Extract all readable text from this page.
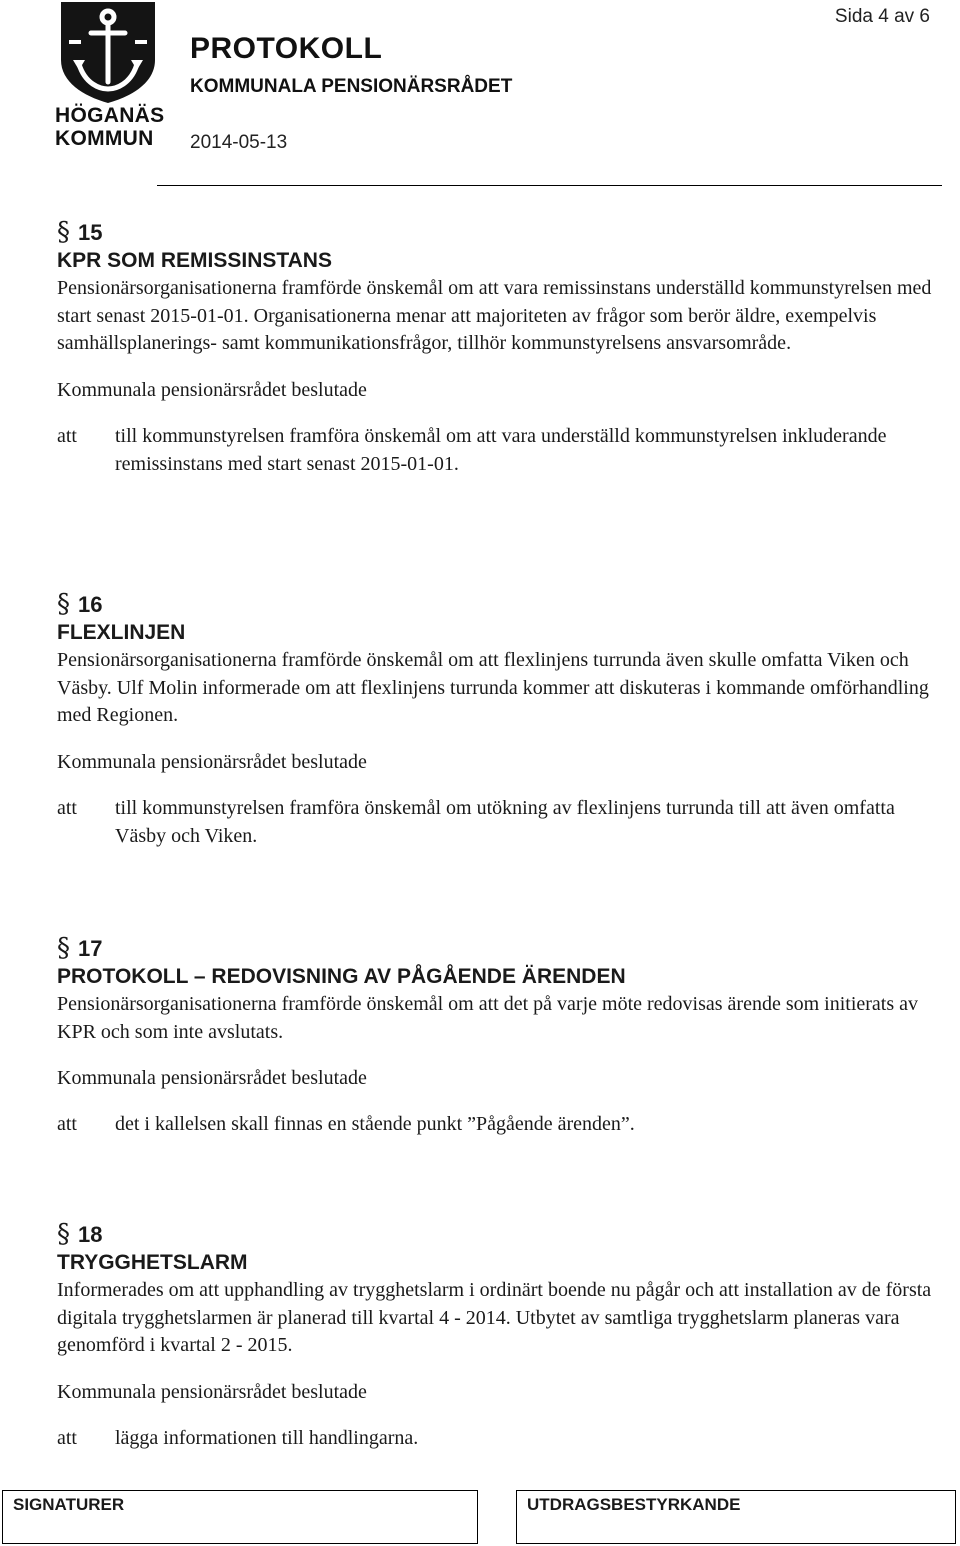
HÖGANÄS
KOMMUN
Sida 4 av 6
PROTOKOLL
KOMMUNALA PENSIONÄRSRÅDET
2014-05-13
§ 15
KPR SOM REMISSINSTANS
Pensionärsorganisationerna framförde önskemål om att vara remissinstans underställd kommunstyrelsen med start senast 2015-01-01. Organisationerna menar att majoriteten av frågor som berör äldre, exempelvis samhällsplanerings- samt kommunikationsfrågor, tillhör kommunstyrelsens ansvarsområde.
Kommunala pensionärsrådet beslutade
att till kommunstyrelsen framföra önskemål om att vara underställd kommunstyrelsen inkluderande remissinstans med start senast 2015-01-01.
§ 16
FLEXLINJEN
Pensionärsorganisationerna framförde önskemål om att flexlinjens turrunda även skulle omfatta Viken och Väsby. Ulf Molin informerade om att flexlinjens turrunda kommer att diskuteras i kommande omförhandling med Regionen.
Kommunala pensionärsrådet beslutade
att till kommunstyrelsen framföra önskemål om utökning av flexlinjens turrunda till att även omfatta Väsby och Viken.
§ 17
PROTOKOLL – REDOVISNING AV PÅGÅENDE ÄRENDEN
Pensionärsorganisationerna framförde önskemål om att det på varje möte redovisas ärende som initierats av KPR och som inte avslutats.
Kommunala pensionärsrådet beslutade
att det i kallelsen skall finnas en stående punkt ”Pågående ärenden”.
§ 18
TRYGGHETSLARM
Informerades om att upphandling av trygghetslarm i ordinärt boende nu pågår och att installation av de första digitala trygghetslarmen är planerad till kvartal 4 - 2014. Utbytet av samtliga trygghetslarm planeras vara genomförd i kvartal 2 - 2015.
Kommunala pensionärsrådet beslutade
att lägga informationen till handlingarna.
SIGNATURER	UTDRAGSBESTYRKANDE
